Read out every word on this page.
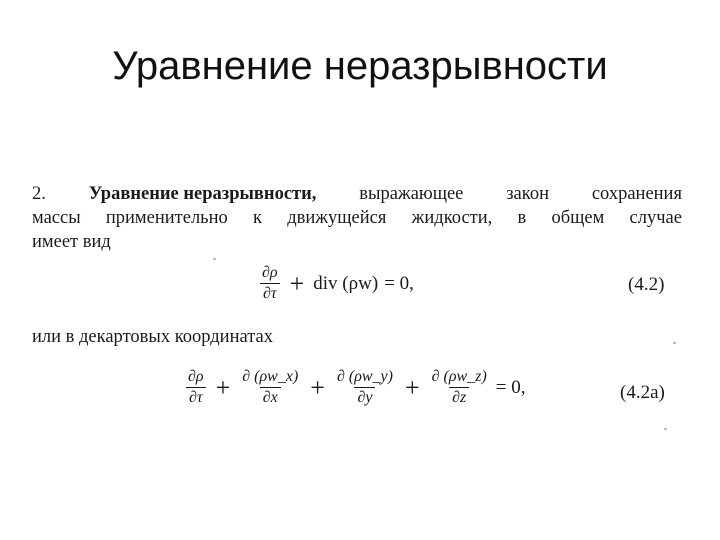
Уравнение неразрывности
2. Уравнение неразрывности, выражающее закон сохранения
массы применительно к движущейся жидкости, в общем случае
имеет
вид
$\frac{\partial\rho}{\partial\tau}$ + div (ρw) = 0,	(4.2)
или в декартовых координатах
$\frac{\partial\rho}{\partial\tau} + \frac{\partial (\rho w\_x)}{\partial x} + \frac{\partial (\rho w\_y)}{\partial y} + \frac{\partial (\rho w\_z)}{\partial z} = 0$,	(4.2a)
